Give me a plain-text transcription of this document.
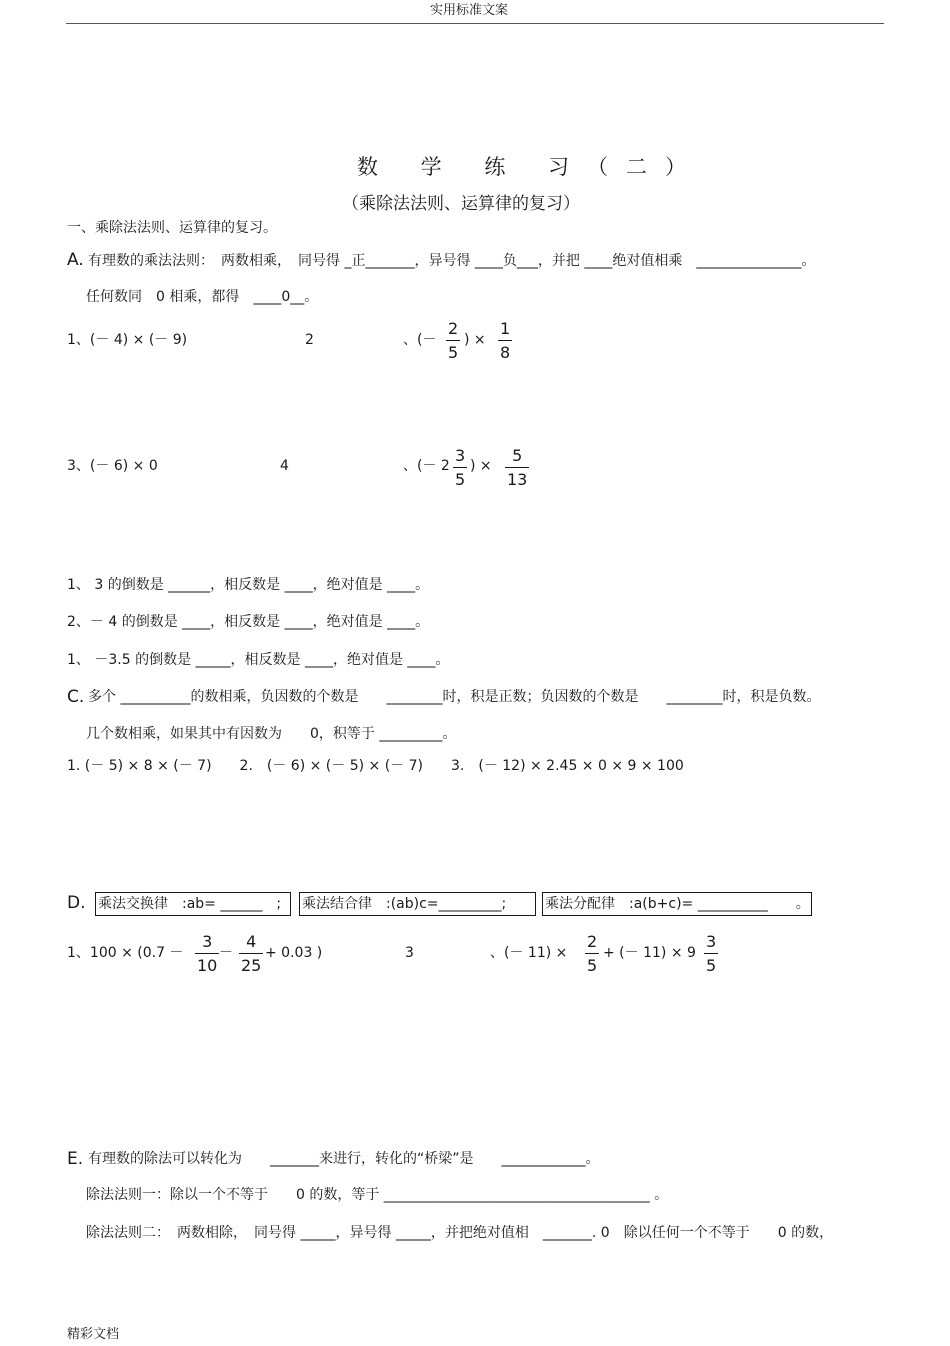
实用标准文案
数 学 练 习（二）
（乘除法法则、运算律的复习）
一、乘除法法则、运算律的复习。
A. 有理数的乘法法则：　两数相乘，　同号得 _正_______，异号得 ____负___，并把 ____绝对值相乘　_______________。
任何数同　0 相乘，都得　____0__。
1、(－ 4) × (－ 9)	2	、(－
2
5
) ×
1
8
3、(－ 6) × 0	4	、(－ 2
3
5
) ×
5
13
1、 3 的倒数是 ______，相反数是 ____，绝对值是 ____。
2、－ 4 的倒数是 ____，相反数是 ____，绝对值是 ____。
1、 －3.5 的倒数是 _____，相反数是 ____，绝对值是 ____。
C. 多个 __________的数相乘，负因数的个数是　　________时，积是正数；负因数的个数是　　________时，积是负数。
几个数相乘，如果其中有因数为　　0，积等于 _________。
1. (－ 5) × 8 × (－ 7)　　2.　(－ 6) × (－ 5) × (－ 7)　　3.　(－ 12) × 2.45 × 0 × 9 × 100
D. 乘法交换律　:ab= ______　;	乘法结合律　:(ab)c=_________;	乘法分配律　:a(b+c)= __________　　。
1、100 × (0.7 －
3
10
－
4
25
+ 0.03 )	3	、(－ 11) ×
2
5
+ (－ 11) × 9
3
5
E. 有理数的除法可以转化为　　_______来进行，转化的“桥梁”是　　____________。
除法法则一：除以一个不等于　　0 的数，等于 ______________________________________ 。
除法法则二：　两数相除，　同号得 _____，异号得 _____，并把绝对值相　_______. 0　除以任何一个不等于　　0 的数，
精彩文档
